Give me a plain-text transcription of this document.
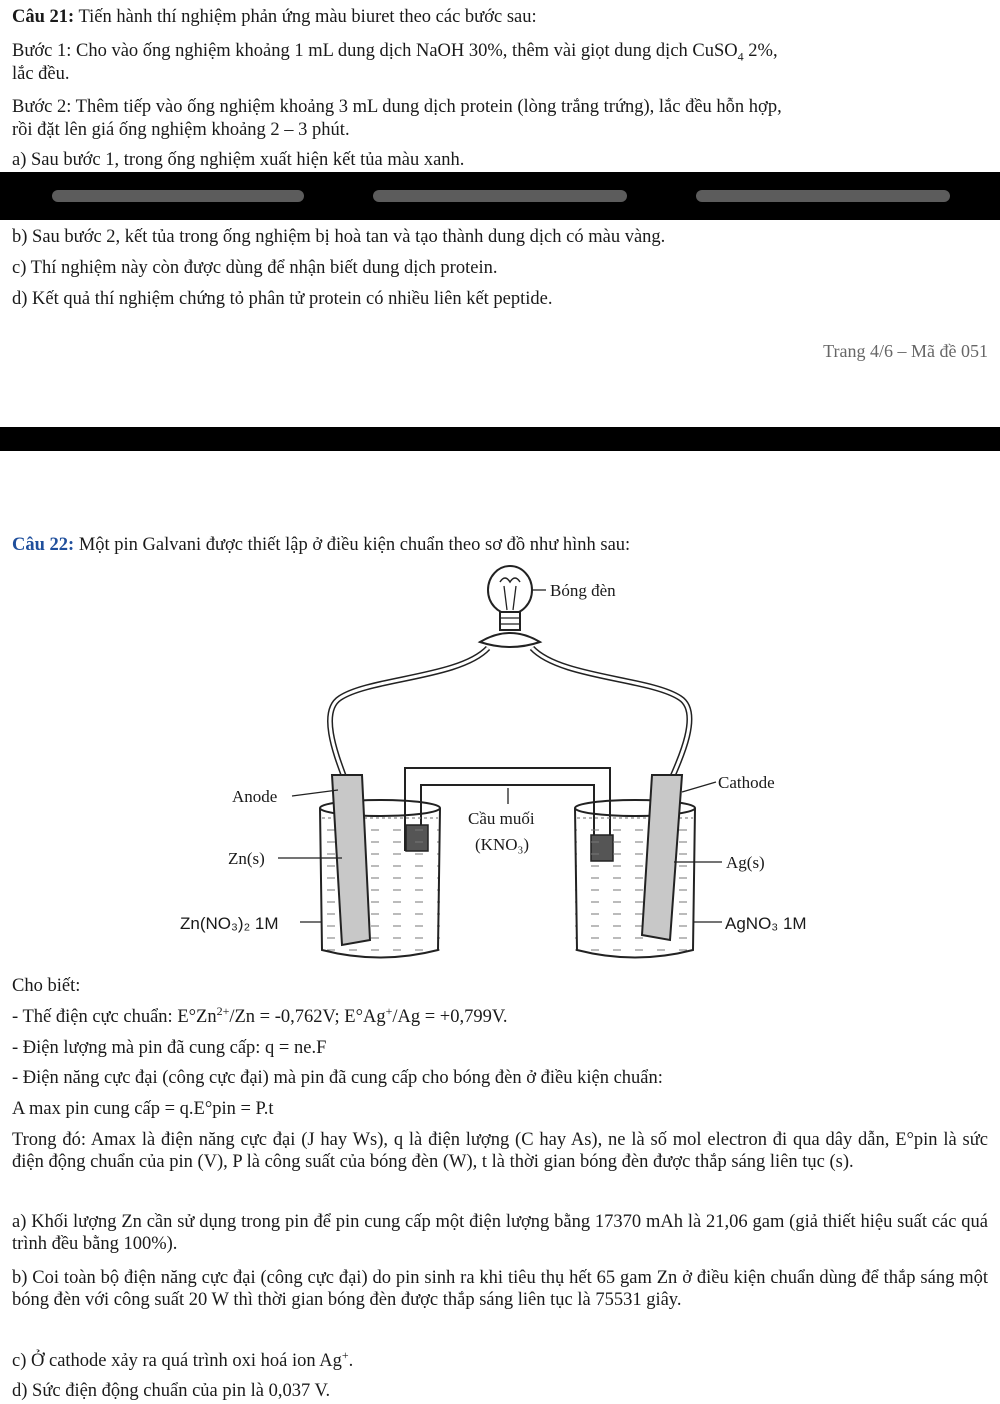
Câu 21: Tiến hành thí nghiệm phản ứng màu biuret theo các bước sau:
Bước 1: Cho vào ống nghiệm khoảng 1 mL dung dịch NaOH 30%, thêm vài giọt dung dịch CuSO$_4$ 2%,
lắc đều.
Bước 2: Thêm tiếp vào ống nghiệm khoảng 3 mL dung dịch protein (lòng trắng trứng), lắc đều hỗn hợp,
rồi đặt lên giá ống nghiệm khoảng 2 – 3 phút.
a) Sau bước 1, trong ống nghiệm xuất hiện kết tủa màu xanh.
b) Sau bước 2, kết tủa trong ống nghiệm bị hoà tan và tạo thành dung dịch có màu vàng.
c) Thí nghiệm này còn được dùng để nhận biết dung dịch protein.
d) Kết quả thí nghiệm chứng tỏ phân tử protein có nhiều liên kết peptide.
Trang 4/6 – Mã đề 051
Câu 22: Một pin Galvani được thiết lập ở điều kiện chuẩn theo sơ đồ như hình sau:
Bóng đèn
Anode
Cathode
Cầu muối
(KNO₃)
Zn(s)	Ag(s)
Zn(NO₃)₂ 1M	AgNO₃ 1M
Cho biết:
- Thế điện cực chuẩn: $E^\circ Zn^{2+}/Zn = -0,762V$; E°Ag+/Ag = +0,799V.
- Điện lượng mà pin đã cung cấp: q = ne.F
- Điện năng cực đại (công cực đại) mà pin đã cung cấp cho bóng đèn ở điều kiện chuẩn:
A max pin cung cấp = q.E°pin = P.t
Trong đó: Amax là điện năng cực đại (J hay Ws), q là điện lượng (C hay As), ne là số mol electron đi qua dây dẫn, E°pin là sức điện động chuẩn của pin (V), P là công suất của bóng đèn (W), t là thời gian bóng đèn được thắp sáng liên tục (s).
a) Khối lượng Zn cần sử dụng trong pin để pin cung cấp một điện lượng bằng 17370 mAh là 21,06 gam (giả thiết hiệu suất các quá trình đều bằng 100%).
b) Coi toàn bộ điện năng cực đại (công cực đại) do pin sinh ra khi tiêu thụ hết 65 gam Zn ở điều kiện chuẩn dùng để thắp sáng một bóng đèn với công suất 20 W thì thời gian bóng đèn được thắp sáng liên tục là 75531 giây.
c) Ở cathode xảy ra quá trình oxi hoá ion Ag+.
d) Sức điện động chuẩn của pin là 0,037 V.
